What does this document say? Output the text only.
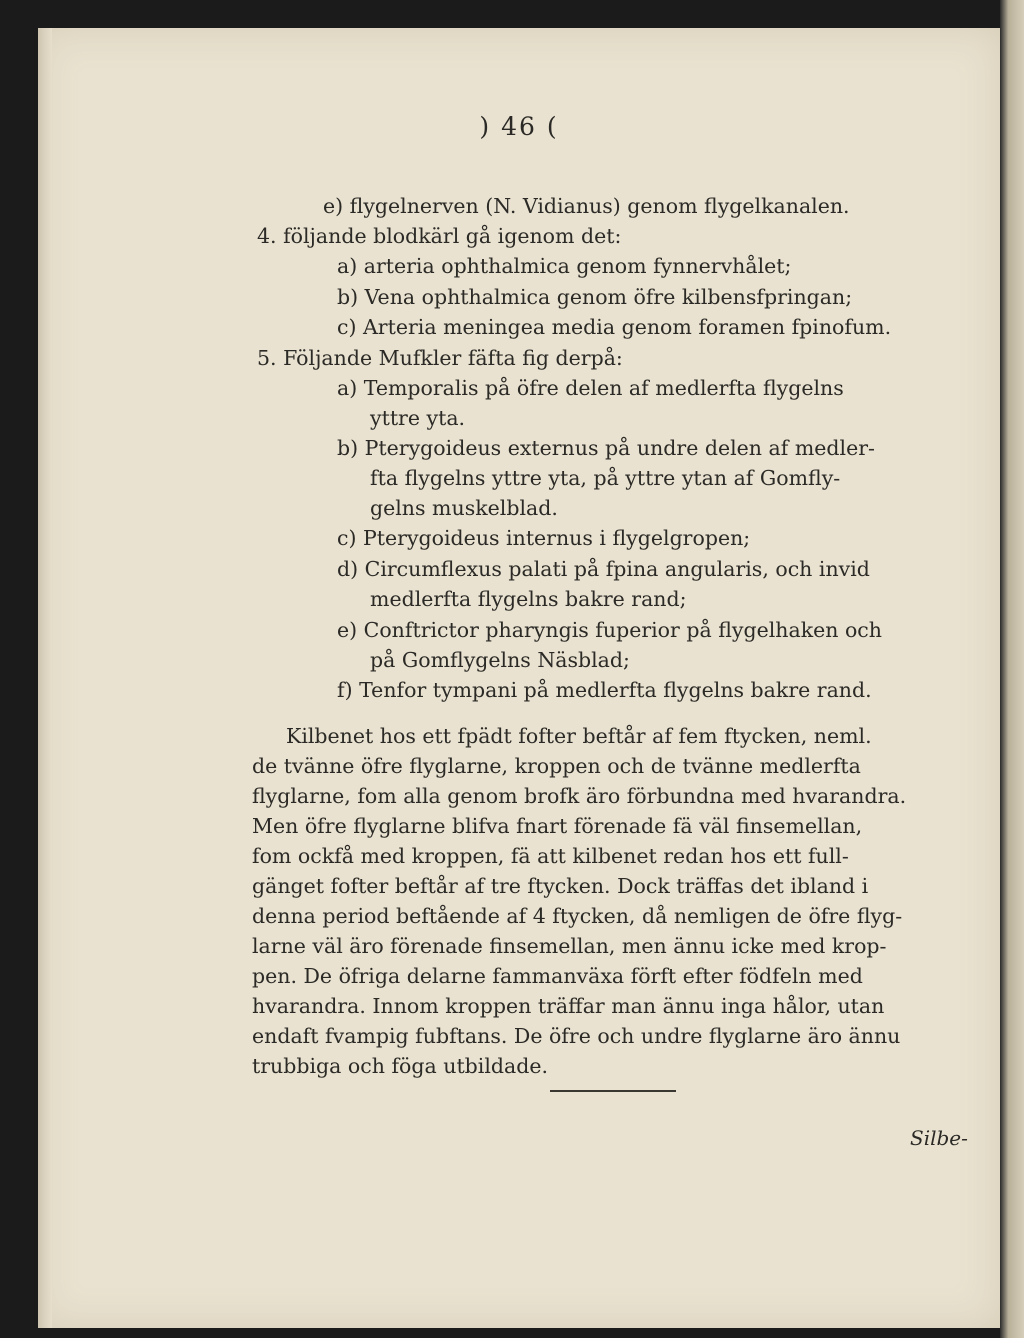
) 46 (
e) flygelnerven (N. Vidianus) genom flygelkanalen.
4. följande blodkärl gå igenom det:
a) arteria ophthalmica genom fynnervhålet;
b) Vena ophthalmica genom öfre kilbensfpringan;
c) Arteria meningea media genom foramen fpinofum.
5. Följande Mufkler fäfta fig derpå:
a) Temporalis på öfre delen af medlerfta flygelns
yttre yta.
b) Pterygoideus externus på undre delen af medler-
fta flygelns yttre yta, på yttre ytan af Gomfly-
gelns muskelblad.
c) Pterygoideus internus i flygelgropen;
d) Circumflexus palati på fpina angularis, och invid
medlerfta flygelns bakre rand;
e) Conftrictor pharyngis fuperior på flygelhaken och
på Gomflygelns Näsblad;
f) Tenfor tympani på medlerfta flygelns bakre rand.
Kilbenet hos ett fpädt fofter beftår af fem ftycken, neml.
de tvänne öfre flyglarne, kroppen och de tvänne medlerfta
flyglarne, fom alla genom brofk äro förbundna med hvarandra.
Men öfre flyglarne blifva fnart förenade fä väl finsemellan,
fom ockfå med kroppen, fä att kilbenet redan hos ett full-
gänget fofter beftår af tre ftycken. Dock träffas det ibland i
denna period beftående af 4 ftycken, då nemligen de öfre flyg-
larne väl äro förenade finsemellan, men ännu icke med krop-
pen. De öfriga delarne fammanväxa förft efter födfeln med
hvarandra. Innom kroppen träffar man ännu inga hålor, utan
endaft fvampig fubftans. De öfre och undre flyglarne äro ännu
trubbiga och föga utbildade.
Silbe-
